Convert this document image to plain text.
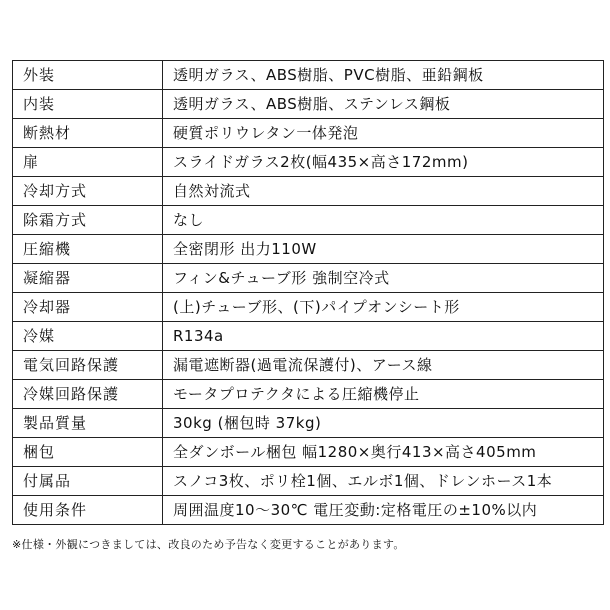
外装	透明ガラス、ABS樹脂、PVC樹脂、亜鉛鋼板
内装	透明ガラス、ABS樹脂、ステンレス鋼板
断熱材	硬質ポリウレタン一体発泡
扉	スライドガラス2枚(幅435×高さ172mm)
冷却方式	自然対流式
除霜方式	なし
圧縮機	全密閉形 出力110W
凝縮器	フィン&チューブ形 強制空冷式
冷却器	(上)チューブ形、(下)パイプオンシート形
冷媒	R134a
電気回路保護	漏電遮断器(過電流保護付)、アース線
冷媒回路保護	モータプロテクタによる圧縮機停止
製品質量	30kg (梱包時 37kg)
梱包	全ダンボール梱包 幅1280×奥行413×高さ405mm
付属品	スノコ3枚、ポリ栓1個、エルボ1個、ドレンホース1本
使用条件	周囲温度10～30℃ 電圧変動:定格電圧の±10%以内
※仕様・外観につきましては、改良のため予告なく変更することがあります。
